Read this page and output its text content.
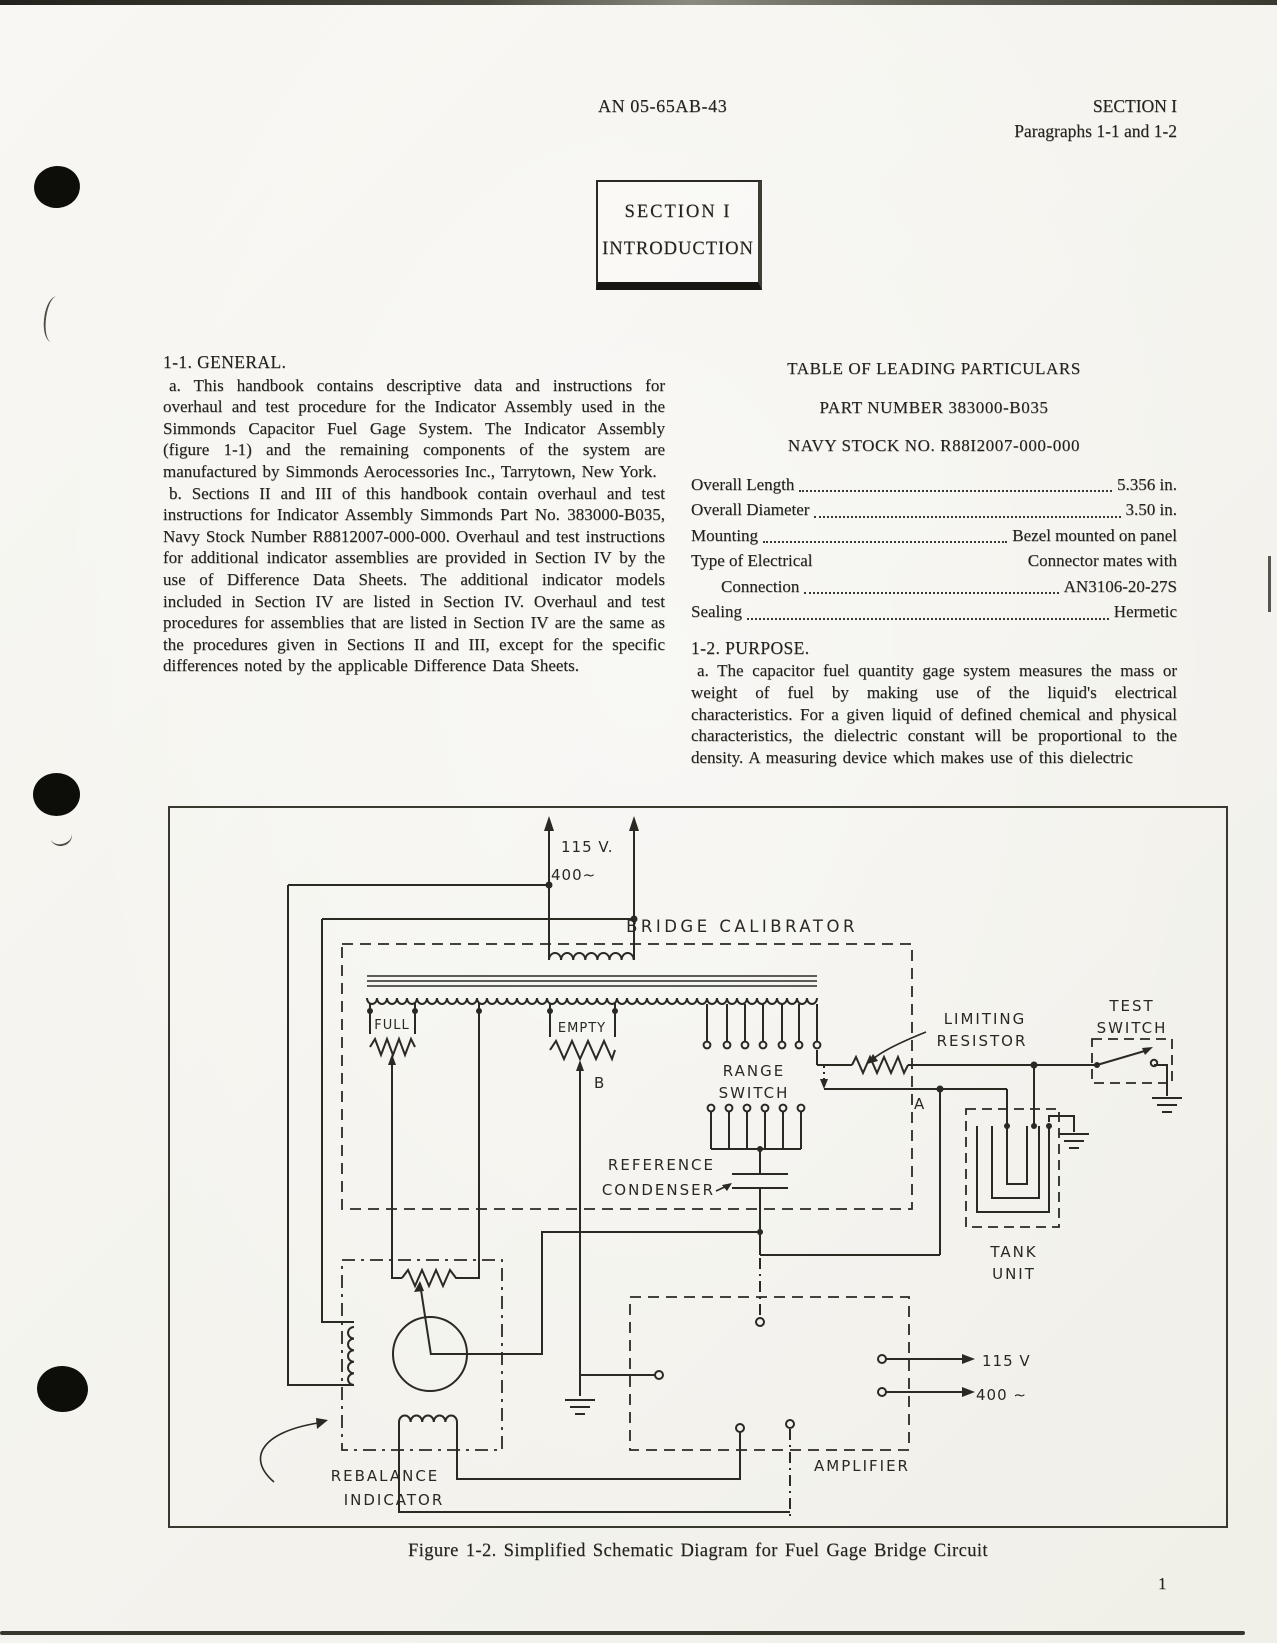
AN 05-65AB-43	SECTION I
Paragraphs 1-1 and 1-2
SECTION I
INTRODUCTION

1-1. GENERAL.

a. This handbook contains descriptive data and instructions for overhaul and test procedure for the Indicator Assembly used in the Simmonds Capacitor Fuel Gage System. The Indicator Assembly (figure 1-1) and the remaining components of the system are manufactured by Simmonds Aerocessories Inc., Tarrytown, New York.

b. Sections II and III of this handbook contain overhaul and test instructions for Indicator Assembly Simmonds Part No. 383000-B035, Navy Stock Number R8812007-000-000. Overhaul and test instructions for additional indicator assemblies are provided in Section IV by the use of Difference Data Sheets. The additional indicator models included in Section IV are listed in Section IV. Overhaul and test procedures for assemblies that are listed in Section IV are the same as the procedures given in Sections II and III, except for the specific differences noted by the applicable Difference Data Sheets.

TABLE OF LEADING PARTICULARS
PART NUMBER 383000-B035
NAVY STOCK NO. R88I2007-000-000
Overall Length	5.356 in.
Overall Diameter	3.50 in.
Mounting	Bezel mounted on panel
Type of Electrical	Connector mates with
Connection	AN3106-20-27S
Sealing	Hermetic

1-2. PURPOSE.

a. The capacitor fuel quantity gage system measures the mass or weight of fuel by making use of the liquid's electrical characteristics. For a given liquid of defined chemical and physical characteristics, the dielectric constant will be proportional to the density. A measuring device which makes use of this dielectric

115 V.
400∼
BRIDGE CALIBRATOR
FULL	EMPTY
B
A
RANGE
SWITCH
REFERENCE
CONDENSER
LIMITING
RESISTOR
TEST
SWITCH
TANK
UNIT
REBALANCE
INDICATOR
AMPLIFIER
115 V
400 ∼
Figure 1-2. Simplified Schematic Diagram for Fuel Gage Bridge Circuit
1
